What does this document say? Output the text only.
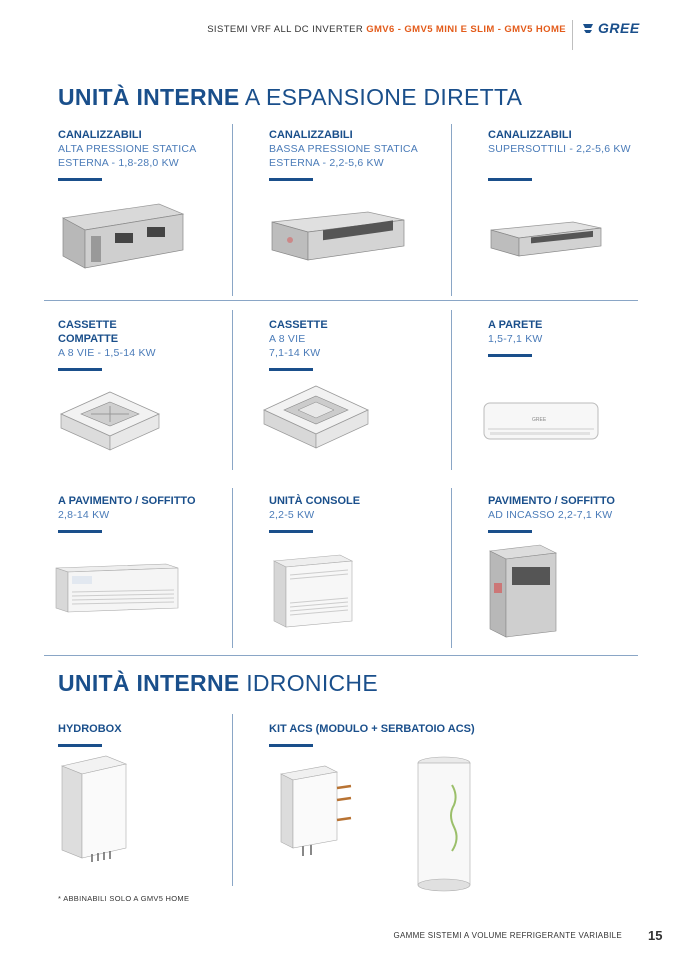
SISTEMI VRF ALL DC INVERTER GMV6 - GMV5 MINI E SLIM - GMV5 HOME GREE
UNITÀ INTERNE A ESPANSIONE DIRETTA
CANALIZZABILI
ALTA PRESSIONE STATICA
ESTERNA - 1,8-28,0 KW
CANALIZZABILI
BASSA PRESSIONE STATICA
ESTERNA - 2,2-5,6 KW
CANALIZZABILI
SUPERSOTTILI - 2,2-5,6 KW
CASSETTE
COMPATTE
A 8 VIE - 1,5-14 KW
CASSETTE
A 8 VIE
7,1-14 KW
A PARETE
1,5-7,1 KW
GREE
A PAVIMENTO / SOFFITTO
2,8-14 KW
UNITÀ CONSOLE
2,2-5 KW
PAVIMENTO / SOFFITTO
AD INCASSO 2,2-7,1 KW
UNITÀ INTERNE IDRONICHE
HYDROBOX	KIT ACS (MODULO + SERBATOIO ACS)
* ABBINABILI SOLO A GMV5 HOME
GAMME SISTEMI A VOLUME REFRIGERANTE VARIABILE 15
